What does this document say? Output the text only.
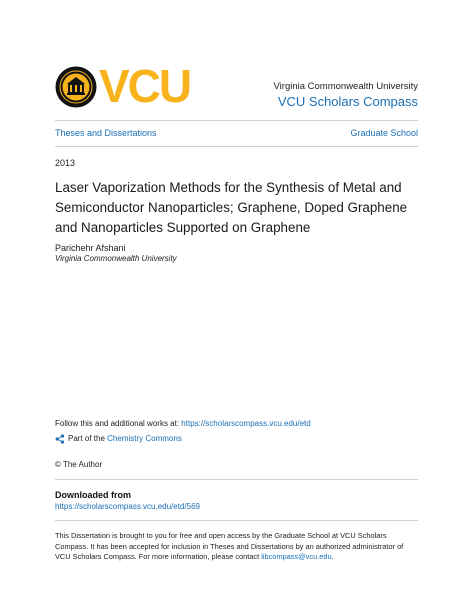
VCU	Virginia Commonwealth University
VCU Scholars Compass
Theses and Dissertations	Graduate School
2013
Laser Vaporization Methods for the Synthesis of Metal and Semiconductor Nanoparticles; Graphene, Doped Graphene and Nanoparticles Supported on Graphene
Parichehr Afshani
Virginia Commonwealth University
Follow this and additional works at: https://scholarscompass.vcu.edu/etd
Part of the Chemistry Commons
© The Author
Downloaded from
https://scholarscompass.vcu.edu/etd/569
This Dissertation is brought to you for free and open access by the Graduate School at VCU Scholars Compass. It has been accepted for inclusion in Theses and Dissertations by an authorized administrator of VCU Scholars Compass. For more information, please contact libcompass@vcu.edu.
